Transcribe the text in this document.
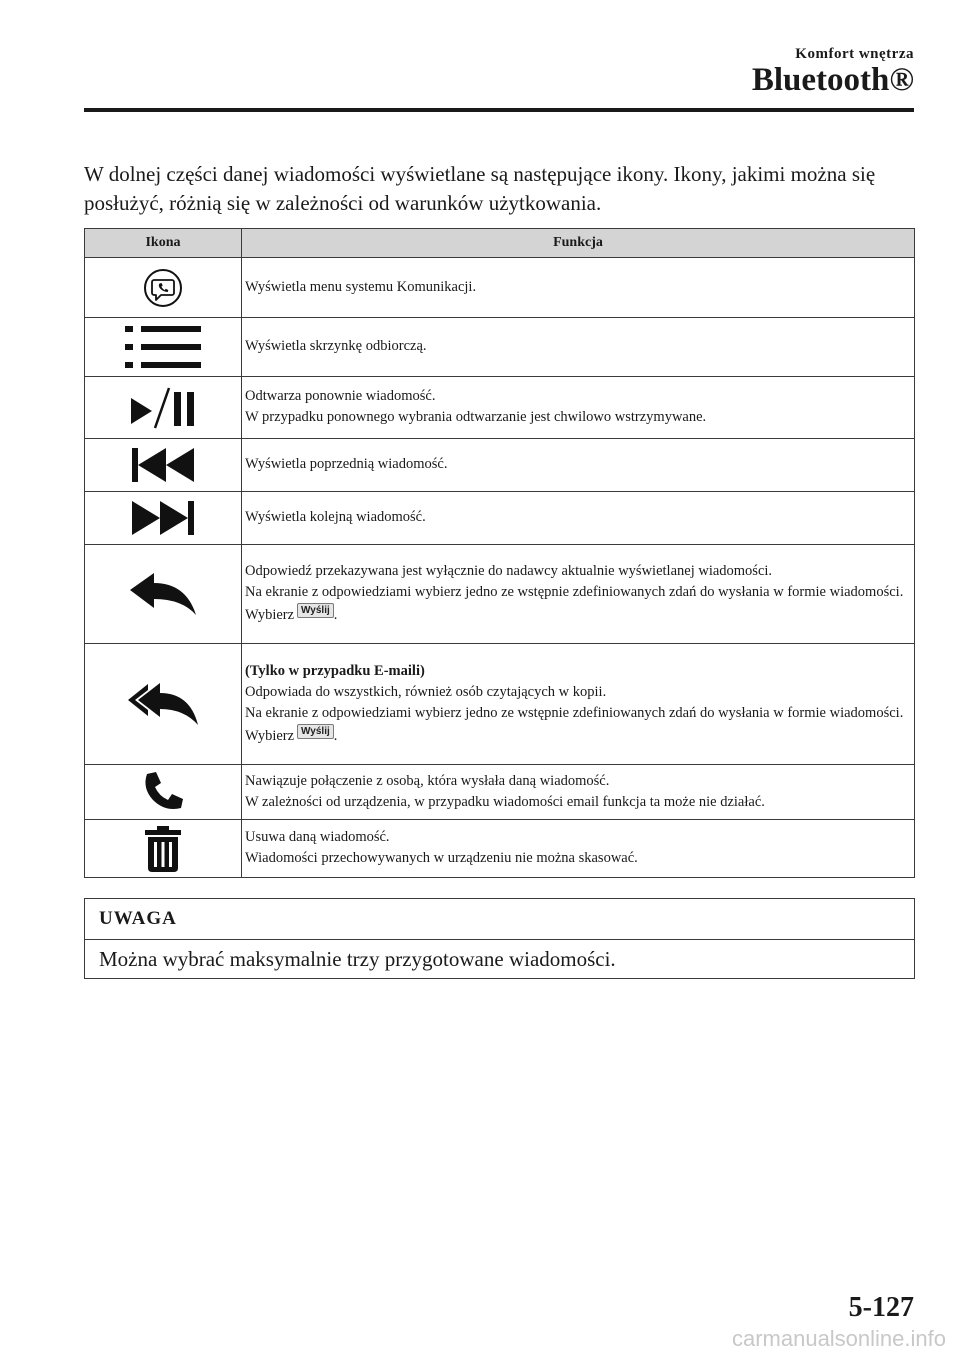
Komfort wnętrza
Bluetooth®
W dolnej części danej wiadomości wyświetlane są następujące ikony. Ikony, jakimi można się posłużyć, różnią się w zależności od warunków użytkowania.
Ikona	Funkcja

Wyświetla menu systemu Komunikacji.

Wyświetla skrzynkę odbiorczą.

Odtwarza ponownie wiadomość.
W przypadku ponownego wybrania odtwarzanie jest chwilowo wstrzymywane.

Wyświetla poprzednią wiadomość.

Wyświetla kolejną wiadomość.

Odpowiedź przekazywana jest wyłącznie do nadawcy aktualnie wyświetlanej wiadomości.
Na ekranie z odpowiedziami wybierz jedno ze wstępnie zdefiniowanych zdań do wysłania w formie wiadomości.
Wybierz Wyślij .

(Tylko w przypadku E-maili)
Odpowiada do wszystkich, również osób czytających w kopii.
Na ekranie z odpowiedziami wybierz jedno ze wstępnie zdefiniowanych zdań do wysłania w formie wiadomości.
Wybierz Wyślij .

Nawiązuje połączenie z osobą, która wysłała daną wiadomość.
W zależności od urządzenia, w przypadku wiadomości email funkcja ta może nie działać.

Usuwa daną wiadomość.
Wiadomości przechowywanych w urządzeniu nie można skasować.
UWAGA
Można wybrać maksymalnie trzy przygotowane wiadomości.
5-127
carmanualsonline.info
